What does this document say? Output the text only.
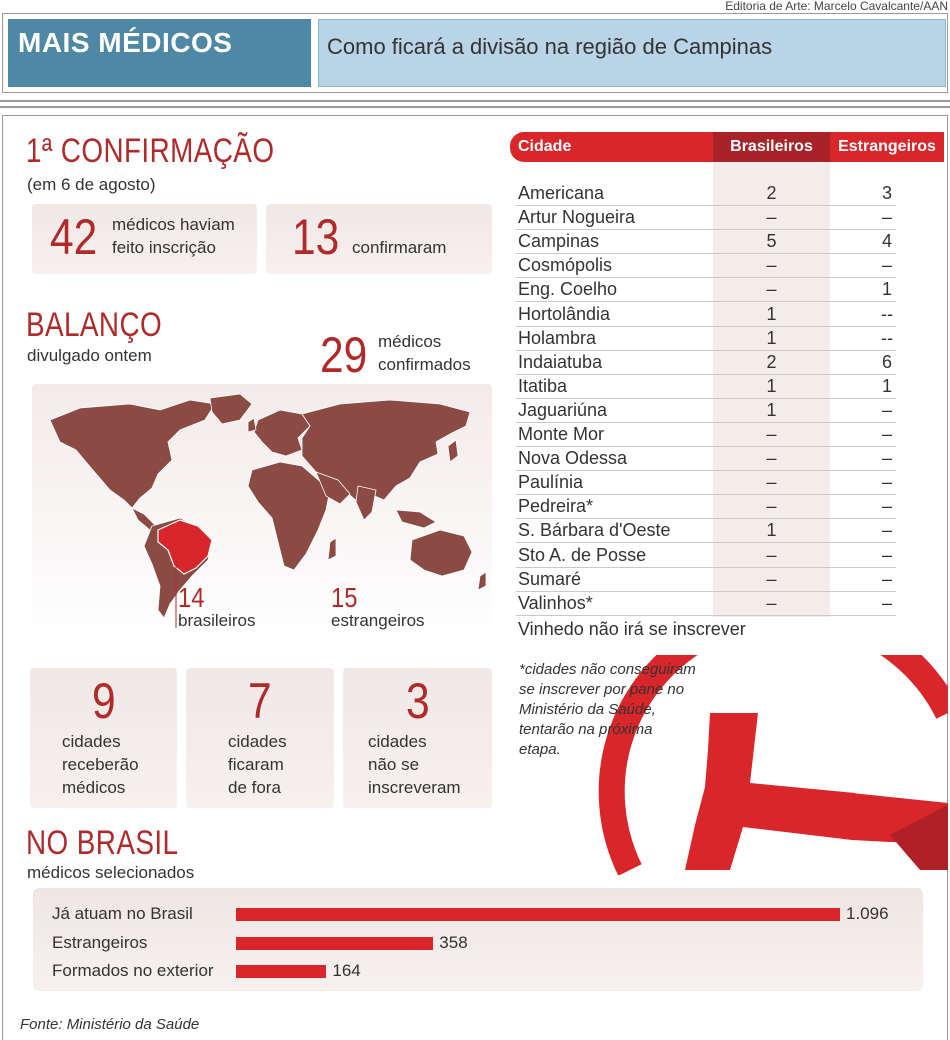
Editoria de Arte: Marcelo Cavalcante/AAN
MAIS MÉDICOS	Como ficará a divisão na região de Campinas
1ª CONFIRMAÇÃO
(em 6 de agosto)
42 médicos haviam
feito inscrição	13 confirmaram
BALANÇO
divulgado ontem	29 médicos
confirmados
14
brasileiros
15
estrangeiros
9
cidades
receberão
médicos
7
cidades
ficaram
de fora
3
cidades
não se
inscreveram
Cidade	Brasileiros	Estrangeiros
Americana	2	3
Artur Nogueira	–	–
Campinas	5	4
Cosmópolis	–	–
Eng. Coelho	–	1
Hortolândia	1	--
Holambra	1	--
Indaiatuba	2	6
Itatiba	1	1
Jaguariúna	1	–
Monte Mor	–	–
Nova Odessa	–	–
Paulínia	–	–
Pedreira*	–	–
S. Bárbara d'Oeste	1	–
Sto A. de Posse	–	–
Sumaré	–	–
Valinhos*	–	–
Vinhedo não irá se inscrever
*cidades não conseguiram
se inscrever por pane no
Ministério da Saúde,
tentarão na próxima
etapa.
NO BRASIL
médicos selecionados
Já atuam no Brasil	1.096
Estrangeiros	358
Formados no exterior	164
Fonte: Ministério da Saúde
